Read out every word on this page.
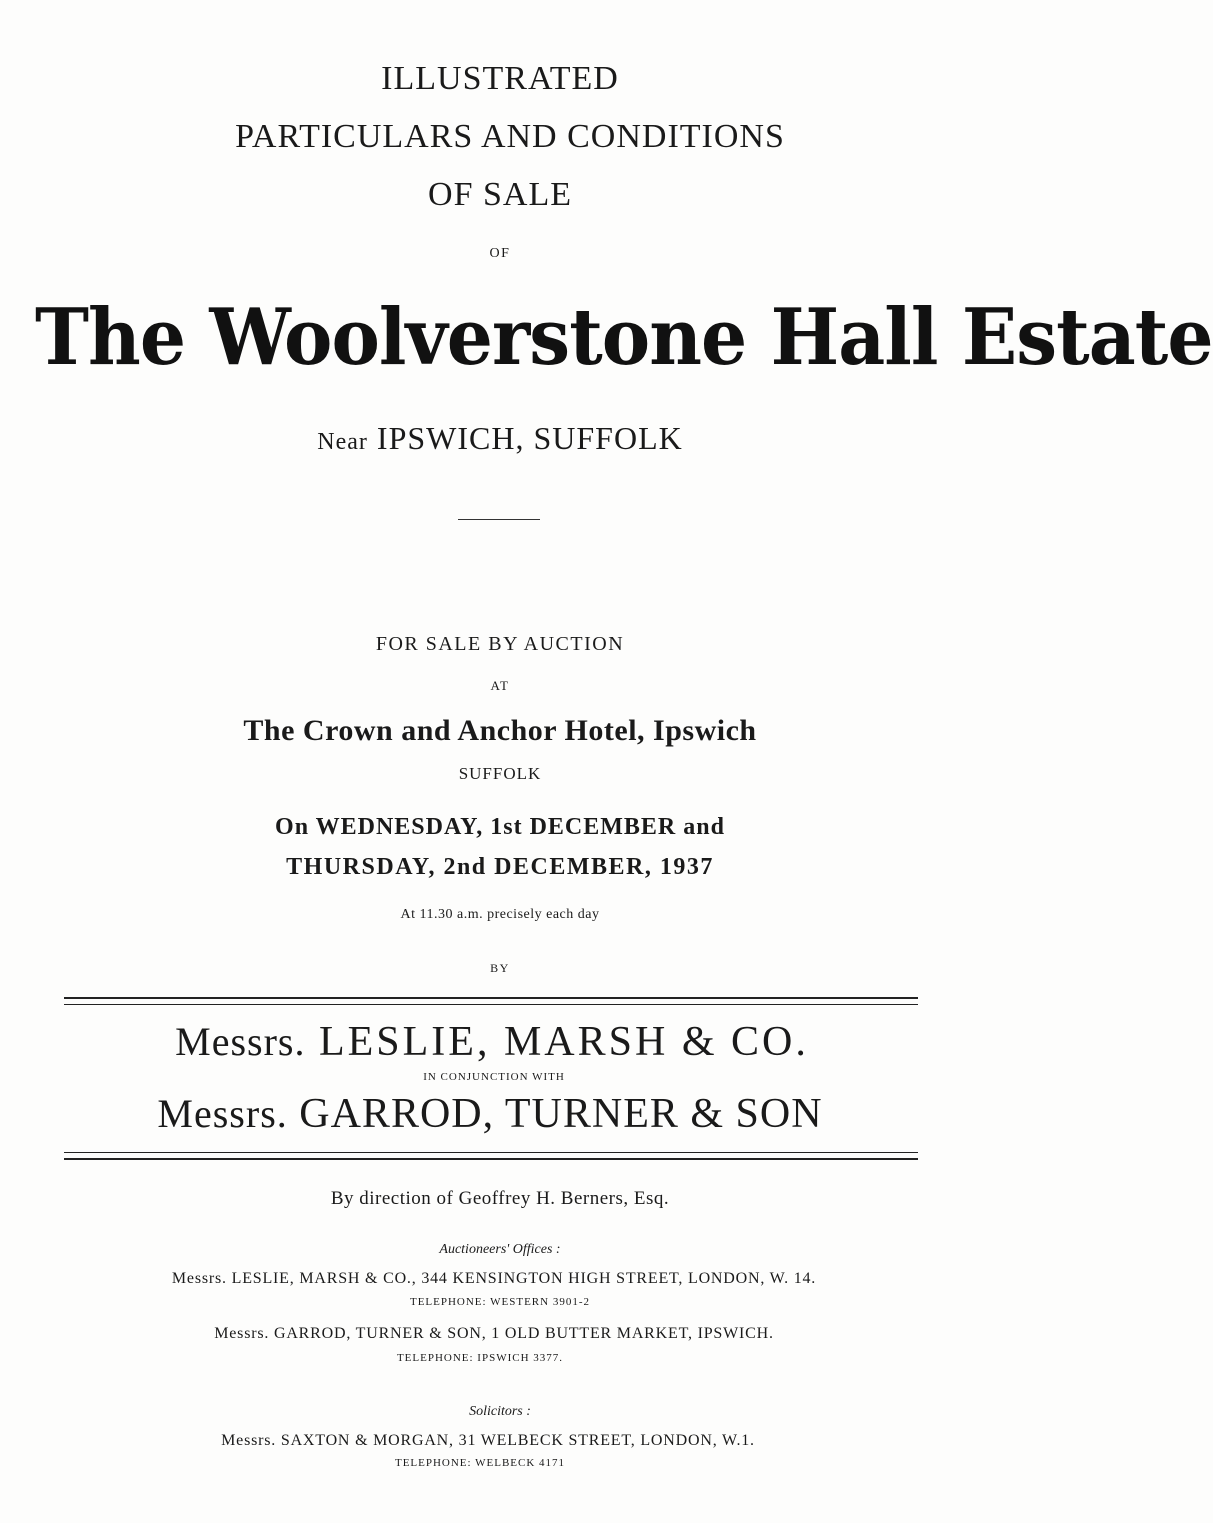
ILLUSTRATED
PARTICULARS AND CONDITIONS
OF SALE
OF
The Woolverstone Hall Estate
Near IPSWICH, SUFFOLK
FOR SALE BY AUCTION
AT
The Crown and Anchor Hotel, Ipswich
SUFFOLK
On WEDNESDAY, 1st DECEMBER and
THURSDAY, 2nd DECEMBER, 1937
At 11.30 a.m. precisely each day
BY
Messrs. LESLIE, MARSH & CO.
IN CONJUNCTION WITH
Messrs. GARROD, TURNER & SON
By direction of Geoffrey H. Berners, Esq.
Auctioneers' Offices :
Messrs. LESLIE, MARSH & CO., 344 KENSINGTON HIGH STREET, LONDON, W. 14.
TELEPHONE: WESTERN 3901-2
Messrs. GARROD, TURNER & SON, 1 OLD BUTTER MARKET, IPSWICH.
TELEPHONE: IPSWICH 3377.
Solicitors :
Messrs. SAXTON & MORGAN, 31 WELBECK STREET, LONDON, W.1.
TELEPHONE: WELBECK 4171
